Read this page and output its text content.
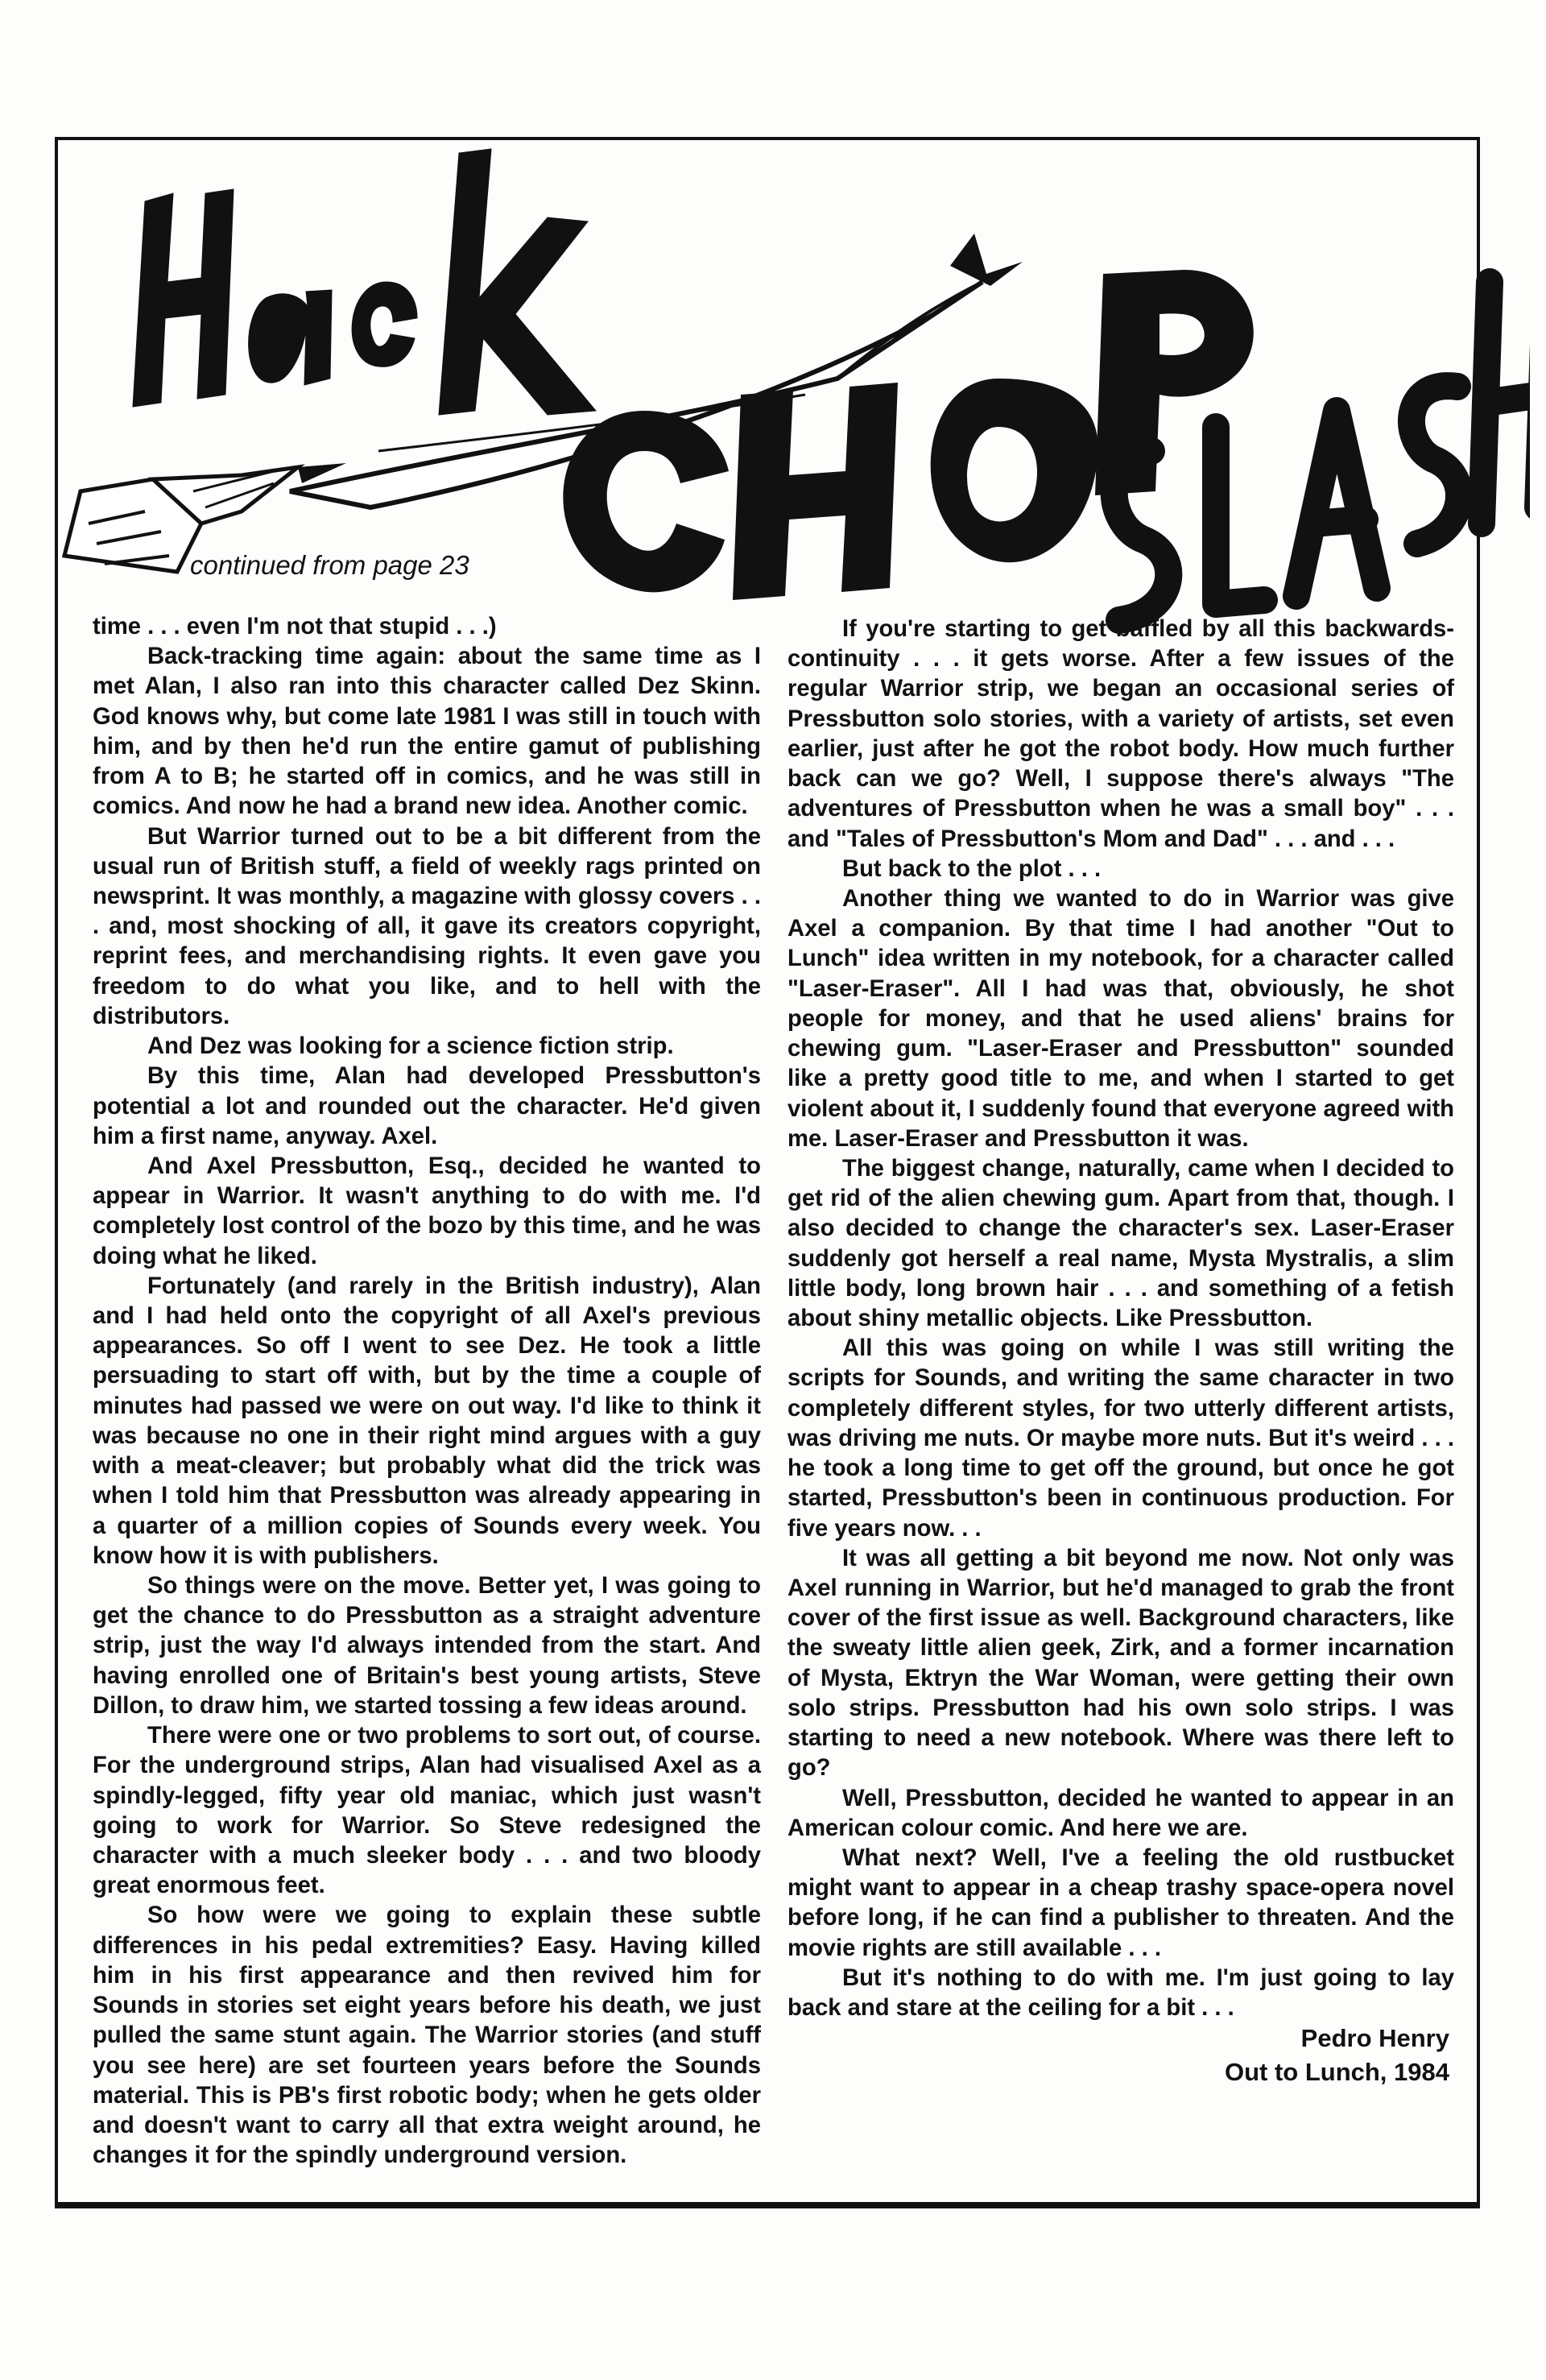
continued from page 23

time . . . even I'm not that stupid . . .)

Back-tracking time again: about the same time as I met Alan, I also ran into this character called Dez Skinn. God knows why, but come late 1981 I was still in touch with him, and by then he'd run the entire gamut of publishing from A to B; he started off in comics, and he was still in comics. And now he had a brand new idea. Another comic.

But Warrior turned out to be a bit different from the usual run of British stuff, a field of weekly rags printed on newsprint. It was monthly, a magazine with glossy covers . . . and, most shocking of all, it gave its creators copyright, reprint fees, and merchandising rights. It even gave you freedom to do what you like, and to hell with the distributors.

And Dez was looking for a science fiction strip.

By this time, Alan had developed Pressbutton's potential a lot and rounded out the character. He'd given him a first name, anyway. Axel.

And Axel Pressbutton, Esq., decided he wanted to appear in Warrior. It wasn't anything to do with me. I'd completely lost control of the bozo by this time, and he was doing what he liked.

Fortunately (and rarely in the British industry), Alan and I had held onto the copyright of all Axel's previous appearances. So off I went to see Dez. He took a little persuading to start off with, but by the time a couple of minutes had passed we were on out way. I'd like to think it was because no one in their right mind argues with a guy with a meat-cleaver; but probably what did the trick was when I told him that Pressbutton was already appearing in a quarter of a million copies of Sounds every week. You know how it is with publishers.

So things were on the move. Better yet, I was going to get the chance to do Pressbutton as a straight adventure strip, just the way I'd always intended from the start. And having enrolled one of Britain's best young artists, Steve Dillon, to draw him, we started tossing a few ideas around.

There were one or two problems to sort out, of course. For the underground strips, Alan had visualised Axel as a spindly-legged, fifty year old maniac, which just wasn't going to work for Warrior. So Steve redesigned the character with a much sleeker body . . . and two bloody great enormous feet.

So how were we going to explain these subtle differences in his pedal extremities? Easy. Having killed him in his first appearance and then revived him for Sounds in stories set eight years before his death, we just pulled the same stunt again. The Warrior stories (and stuff you see here) are set fourteen years before the Sounds material. This is PB's first robotic body; when he gets older and doesn't want to carry all that extra weight around, he changes it for the spindly underground version.

If you're starting to get baffled by all this backwards-continuity . . . it gets worse. After a few issues of the regular Warrior strip, we began an occasional series of Pressbutton solo stories, with a variety of artists, set even earlier, just after he got the robot body. How much further back can we go? Well, I suppose there's always "The adventures of Pressbutton when he was a small boy" . . . and "Tales of Pressbutton's Mom and Dad" . . . and . . .

But back to the plot . . .

Another thing we wanted to do in Warrior was give Axel a companion. By that time I had another "Out to Lunch" idea written in my notebook, for a character called "Laser-Eraser". All I had was that, obviously, he shot people for money, and that he used aliens' brains for chewing gum. "Laser-Eraser and Pressbutton" sounded like a pretty good title to me, and when I started to get violent about it, I suddenly found that everyone agreed with me. Laser-Eraser and Pressbutton it was.

The biggest change, naturally, came when I decided to get rid of the alien chewing gum. Apart from that, though. I also decided to change the character's sex. Laser-Eraser suddenly got herself a real name, Mysta Mystralis, a slim little body, long brown hair . . . and something of a fetish about shiny metallic objects. Like Pressbutton.

All this was going on while I was still writing the scripts for Sounds, and writing the same character in two completely different styles, for two utterly different artists, was driving me nuts. Or maybe more nuts. But it's weird . . . he took a long time to get off the ground, but once he got started, Pressbutton's been in continuous production. For five years now. . .

It was all getting a bit beyond me now. Not only was Axel running in Warrior, but he'd managed to grab the front cover of the first issue as well. Background characters, like the sweaty little alien geek, Zirk, and a former incarnation of Mysta, Ektryn the War Woman, were getting their own solo strips. Pressbutton had his own solo strips. I was starting to need a new notebook. Where was there left to go?

Well, Pressbutton, decided he wanted to appear in an American colour comic. And here we are.

What next? Well, I've a feeling the old rustbucket might want to appear in a cheap trashy space-opera novel before long, if he can find a publisher to threaten. And the movie rights are still available . . .

But it's nothing to do with me. I'm just going to lay back and stare at the ceiling for a bit . . .

Pedro Henry
Out to Lunch, 1984
